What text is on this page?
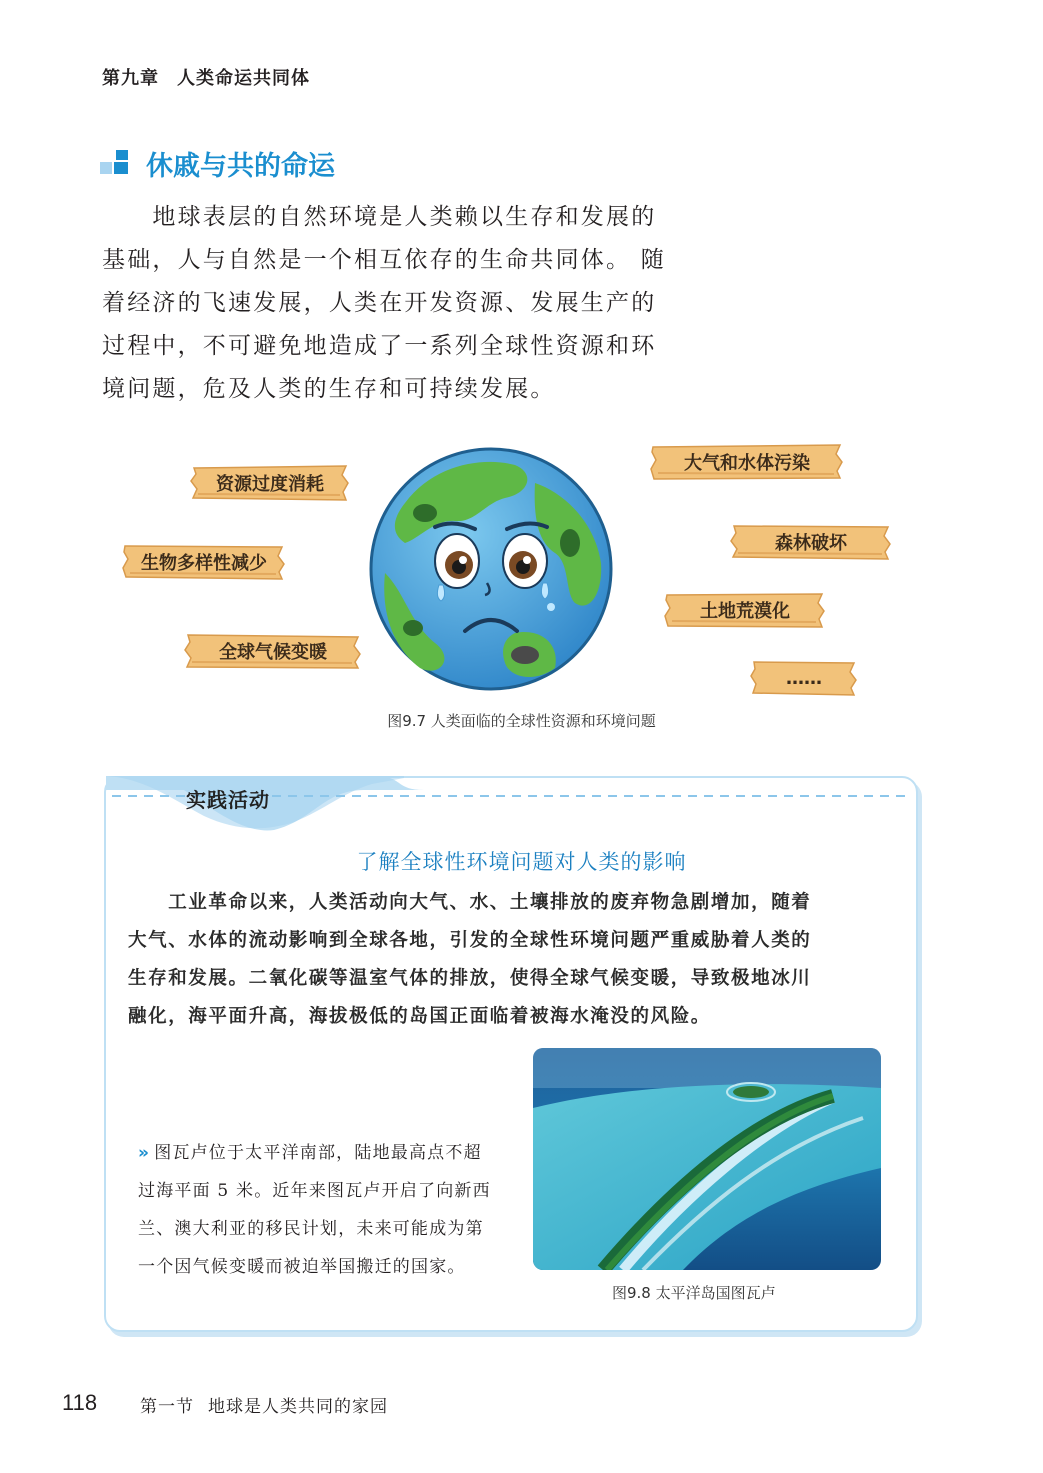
第九章 人类命运共同体
休戚与共的命运

　　地球表层的自然环境是人类赖以生存和发展的
基础，人与自然是一个相互依存的生命共同体。 随
着经济的飞速发展，人类在开发资源、发展生产的
过程中，不可避免地造成了一系列全球性资源和环
境问题，危及人类的生存和可持续发展。

资源过度消耗
生物多样性减少
全球气候变暖
大气和水体污染
森林破坏
土地荒漠化
……
图9.7 人类面临的全球性资源和环境问题
实践活动
了解全球性环境问题对人类的影响

　　工业革命以来，人类活动向大气、水、土壤排放的废弃物急剧增加，随着
大气、水体的流动影响到全球各地，引发的全球性环境问题严重威胁着人类的
生存和发展。二氧化碳等温室气体的排放，使得全球气候变暖，导致极地冰川
融化，海平面升高，海拔极低的岛国正面临着被海水淹没的风险。

» 图瓦卢位于太平洋南部，陆地最高点不超
过海平面 5 米。近年来图瓦卢开启了向新西
兰、澳大利亚的移民计划，未来可能成为第
一个因气候变暖而被迫举国搬迁的国家。

图9.8 太平洋岛国图瓦卢
118	第一节 地球是人类共同的家园
